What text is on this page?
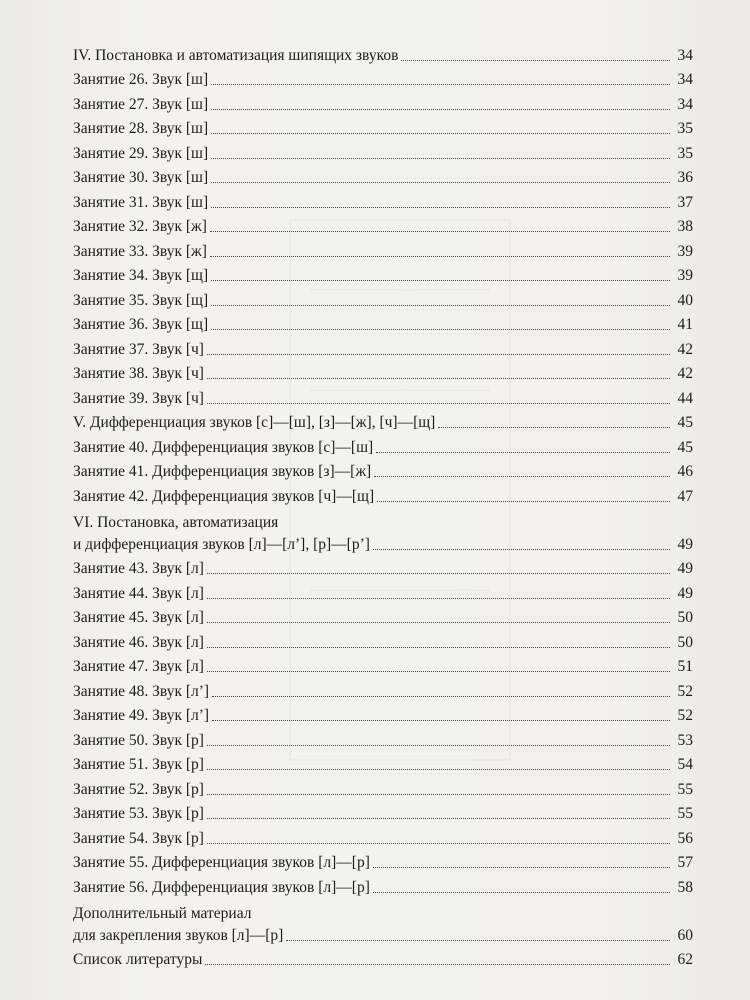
IV. Постановка и автоматизация шипящих звуков	34
Занятие 26. Звук [ш]	34
Занятие 27. Звук [ш]	34
Занятие 28. Звук [ш]	35
Занятие 29. Звук [ш]	35
Занятие 30. Звук [ш]	36
Занятие 31. Звук [ш]	37
Занятие 32. Звук [ж]	38
Занятие 33. Звук [ж]	39
Занятие 34. Звук [щ]	39
Занятие 35. Звук [щ]	40
Занятие 36. Звук [щ]	41
Занятие 37. Звук [ч]	42
Занятие 38. Звук [ч]	42
Занятие 39. Звук [ч]	44
V. Дифференциация звуков [с]—[ш], [з]—[ж], [ч]—[щ]	45
Занятие 40. Дифференциация звуков [с]—[ш]	45
Занятие 41. Дифференциация звуков [з]—[ж]	46
Занятие 42. Дифференциация звуков [ч]—[щ]	47
VI. Постановка, автоматизация
и дифференциация звуков [л]—[л’], [р]—[р’]	49
Занятие 43. Звук [л]	49
Занятие 44. Звук [л]	49
Занятие 45. Звук [л]	50
Занятие 46. Звук [л]	50
Занятие 47. Звук [л]	51
Занятие 48. Звук [л’]	52
Занятие 49. Звук [л’]	52
Занятие 50. Звук [р]	53
Занятие 51. Звук [р]	54
Занятие 52. Звук [р]	55
Занятие 53. Звук [р]	55
Занятие 54. Звук [р]	56
Занятие 55. Дифференциация звуков [л]—[р]	57
Занятие 56. Дифференциация звуков [л]—[р]	58
Дополнительный материал
для закрепления звуков [л]—[р]	60
Список литературы	62
